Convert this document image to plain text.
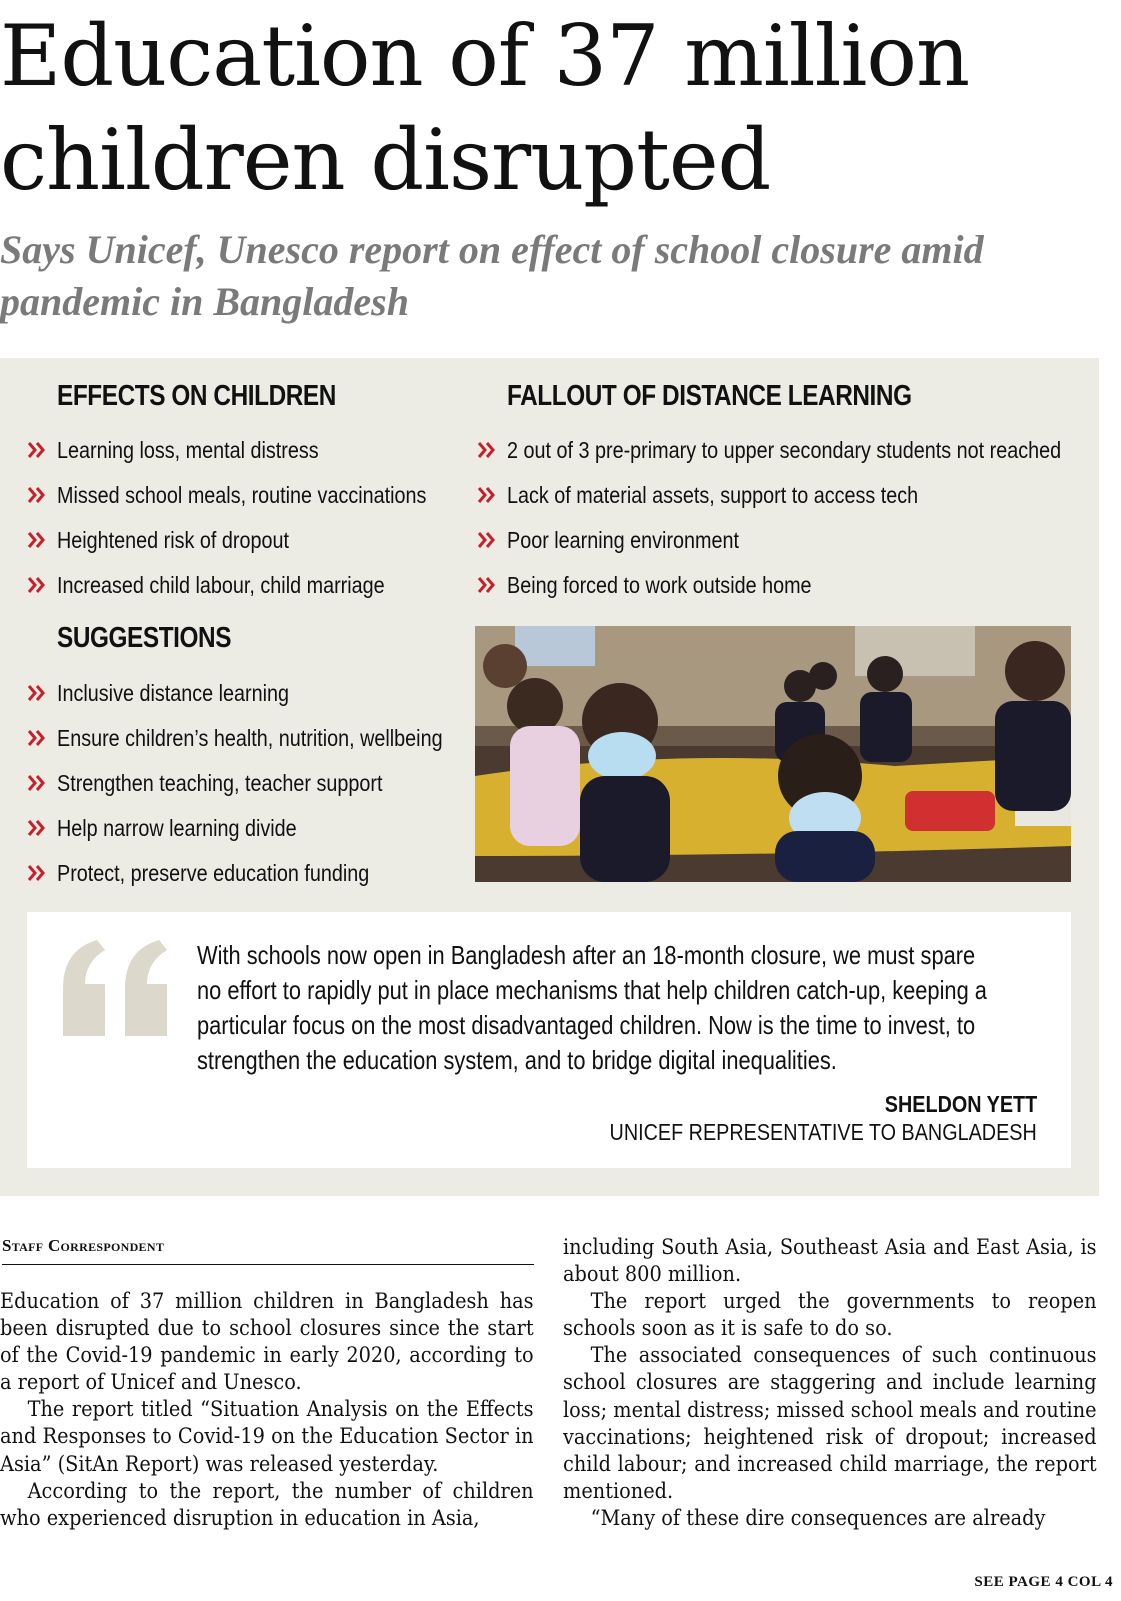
Education of 37 million children disrupted
Says Unicef, Unesco report on effect of school closure amid pandemic in Bangladesh
EFFECTS ON CHILDREN
Learning loss, mental distress
Missed school meals, routine vaccinations
Heightened risk of dropout
Increased child labour, child marriage
FALLOUT OF DISTANCE LEARNING
2 out of 3 pre-primary to upper secondary students not reached
Lack of material assets, support to access tech
Poor learning environment
Being forced to work outside home
SUGGESTIONS
Inclusive distance learning
Ensure children’s health, nutrition, wellbeing
Strengthen teaching, teacher support
Help narrow learning divide
Protect, preserve education funding

With schools now open in Bangladesh after an 18-month closure, we must spare no effort to rapidly put in place mechanisms that help children catch-up, keeping a particular focus on the most disadvantaged children. Now is the time to invest, to strengthen the education system, and to bridge digital inequalities.

SHELDON YETT
UNICEF REPRESENTATIVE TO BANGLADESH
Staff Correspondent

Education of 37 million children in Bangladesh has been disrupted due to school closures since the start of the Covid-19 pandemic in early 2020, according to a report of Unicef and Unesco.

The report titled “Situation Analysis on the Effects and Responses to Covid-19 on the Education Sector in Asia” (SitAn Report) was released yesterday.

According to the report, the number of children who experienced disruption in education in Asia,

including South Asia, Southeast Asia and East Asia, is about 800 million.

The report urged the governments to reopen schools soon as it is safe to do so.

The associated consequences of such continuous school closures are staggering and include learning loss; mental distress; missed school meals and routine vaccinations; heightened risk of dropout; increased child labour; and increased child marriage, the report mentioned.

“Many of these dire consequences are already

SEE PAGE 4 COL 4
